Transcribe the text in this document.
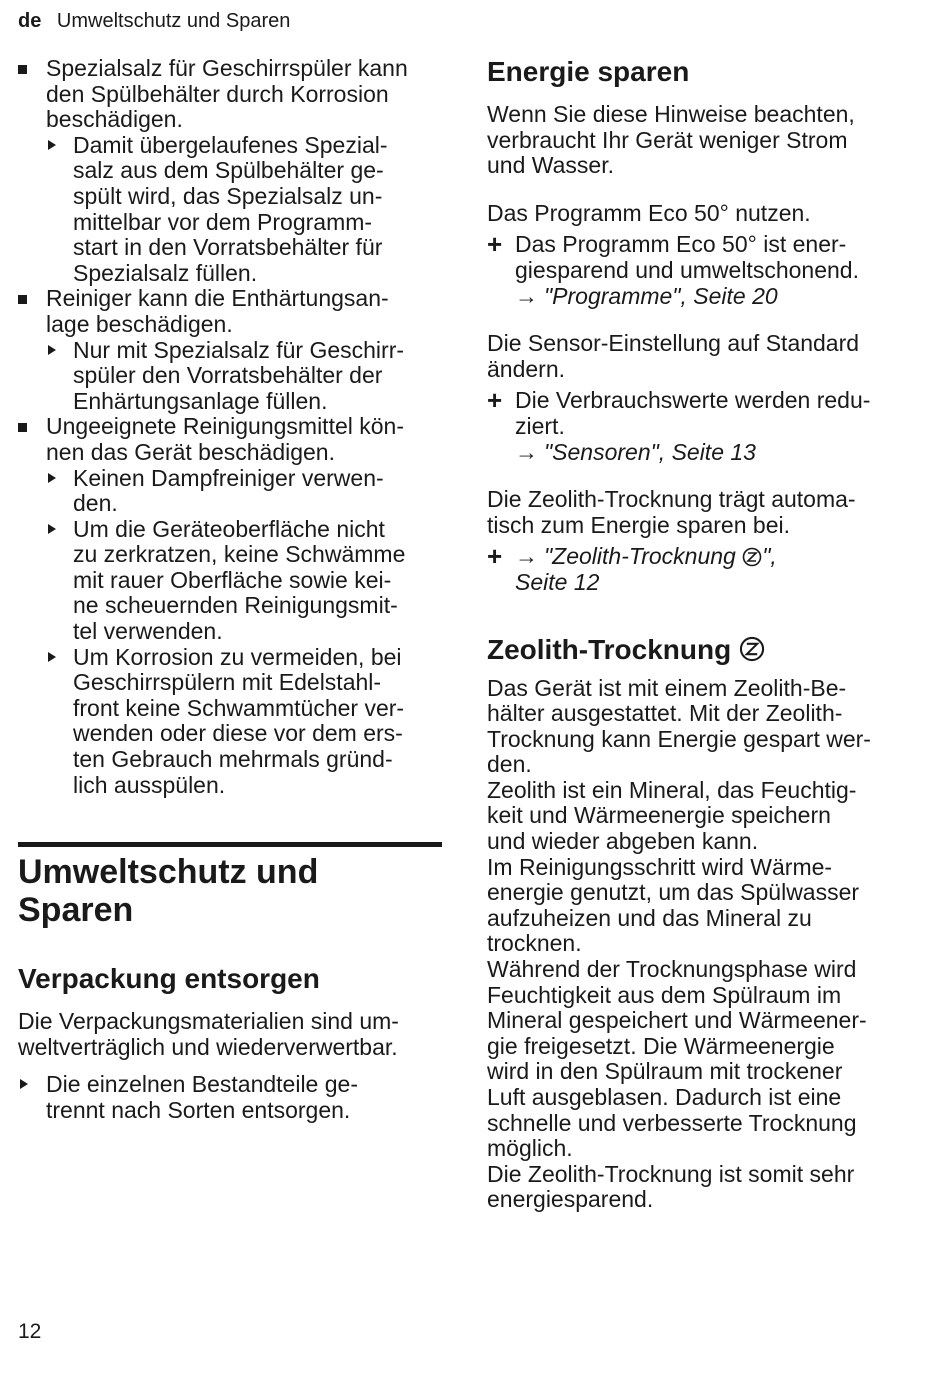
de Umweltschutz und Sparen
Spezialsalz für Geschirrspüler kann
den Spülbehälter durch Korrosion
beschädigen.
Damit übergelaufenes Spezial-
salz aus dem Spülbehälter ge-
spült wird, das Spezialsalz un-
mittelbar vor dem Programm-
start in den Vorratsbehälter für
Spezialsalz füllen.
Reiniger kann die Enthärtungsan-
lage beschädigen.
Nur mit Spezialsalz für Geschirr-
spüler den Vorratsbehälter der
Enhärtungsanlage füllen.
Ungeeignete Reinigungsmittel kön-
nen das Gerät beschädigen.
Keinen Dampfreiniger verwen-
den.
Um die Geräteoberfläche nicht
zu zerkratzen, keine Schwämme
mit rauer Oberfläche sowie kei-
ne scheuernden Reinigungsmit-
tel verwenden.
Um Korrosion zu vermeiden, bei
Geschirrspülern mit Edelstahl-
front keine Schwammtücher ver-
wenden oder diese vor dem ers-
ten Gebrauch mehrmals gründ-
lich ausspülen.
Umweltschutz und
Sparen
Verpackung entsorgen
Die Verpackungsmaterialien sind um-
weltverträglich und wiederverwertbar.
Die einzelnen Bestandteile ge-
trennt nach Sorten entsorgen.
Energie sparen
Wenn Sie diese Hinweise beachten,
verbraucht Ihr Gerät weniger Strom
und Wasser.
Das Programm Eco 50° nutzen.
+ Das Programm Eco 50° ist ener-
giesparend und umweltschonend.
→ "Programme", Seite 20
Die Sensor-Einstellung auf Standard
ändern.
+ Die Verbrauchswerte werden redu-
ziert.
→ "Sensoren", Seite 13
Die Zeolith-Trocknung trägt automa-
tisch zum Energie sparen bei.
+ → "Zeolith-Trocknung ",
Seite 12
Zeolith-Trocknung
Das Gerät ist mit einem Zeolith-Be-
hälter ausgestattet. Mit der Zeolith-
Trocknung kann Energie gespart wer-
den.
Zeolith ist ein Mineral, das Feuchtig-
keit und Wärmeenergie speichern
und wieder abgeben kann.
Im Reinigungsschritt wird Wärme-
energie genutzt, um das Spülwasser
aufzuheizen und das Mineral zu
trocknen.
Während der Trocknungsphase wird
Feuchtigkeit aus dem Spülraum im
Mineral gespeichert und Wärmeener-
gie freigesetzt. Die Wärmeenergie
wird in den Spülraum mit trockener
Luft ausgeblasen. Dadurch ist eine
schnelle und verbesserte Trocknung
möglich.
Die Zeolith-Trocknung ist somit sehr
energiesparend.
12
